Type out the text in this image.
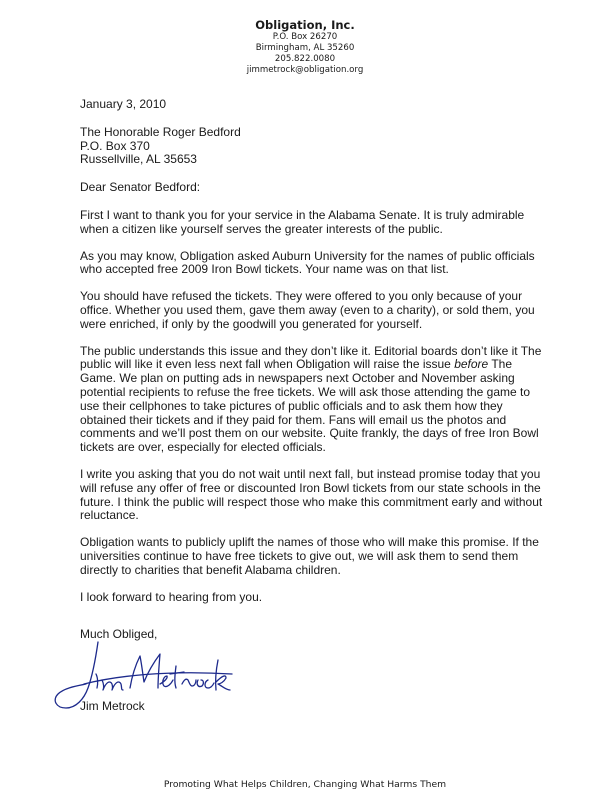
Obligation, Inc.
P.O. Box 26270
Birmingham, AL 35260
205.822.0080
jimmetrock@obligation.org

January 3, 2010

The Honorable Roger Bedford

P.O. Box 370

Russellville, AL 35653

Dear Senator Bedford:

First I want to thank you for your service in the Alabama Senate. It is truly admirable when a citizen like yourself serves the greater interests of the public.

As you may know, Obligation asked Auburn University for the names of public officials who accepted free 2009 Iron Bowl tickets. Your name was on that list.

You should have refused the tickets. They were offered to you only because of your office. Whether you used them, gave them away (even to a charity), or sold them, you were enriched, if only by the goodwill you generated for yourself.

The public understands this issue and they don’t like it. Editorial boards don’t like it The public will like it even less next fall when Obligation will raise the issue before The Game. We plan on putting ads in newspapers next October and November asking potential recipients to refuse the free tickets. We will ask those attending the game to use their cellphones to take pictures of public officials and to ask them how they obtained their tickets and if they paid for them. Fans will email us the photos and comments and we’ll post them on our website. Quite frankly, the days of free Iron Bowl tickets are over, especially for elected officials.

I write you asking that you do not wait until next fall, but instead promise today that you will refuse any offer of free or discounted Iron Bowl tickets from our state schools in the future. I think the public will respect those who make this commitment early and without reluctance.

Obligation wants to publicly uplift the names of those who will make this promise. If the universities continue to have free tickets to give out, we will ask them to send them directly to charities that benefit Alabama children.

I look forward to hearing from you.

Much Obliged,
Jim Metrock
Promoting What Helps Children, Changing What Harms Them
